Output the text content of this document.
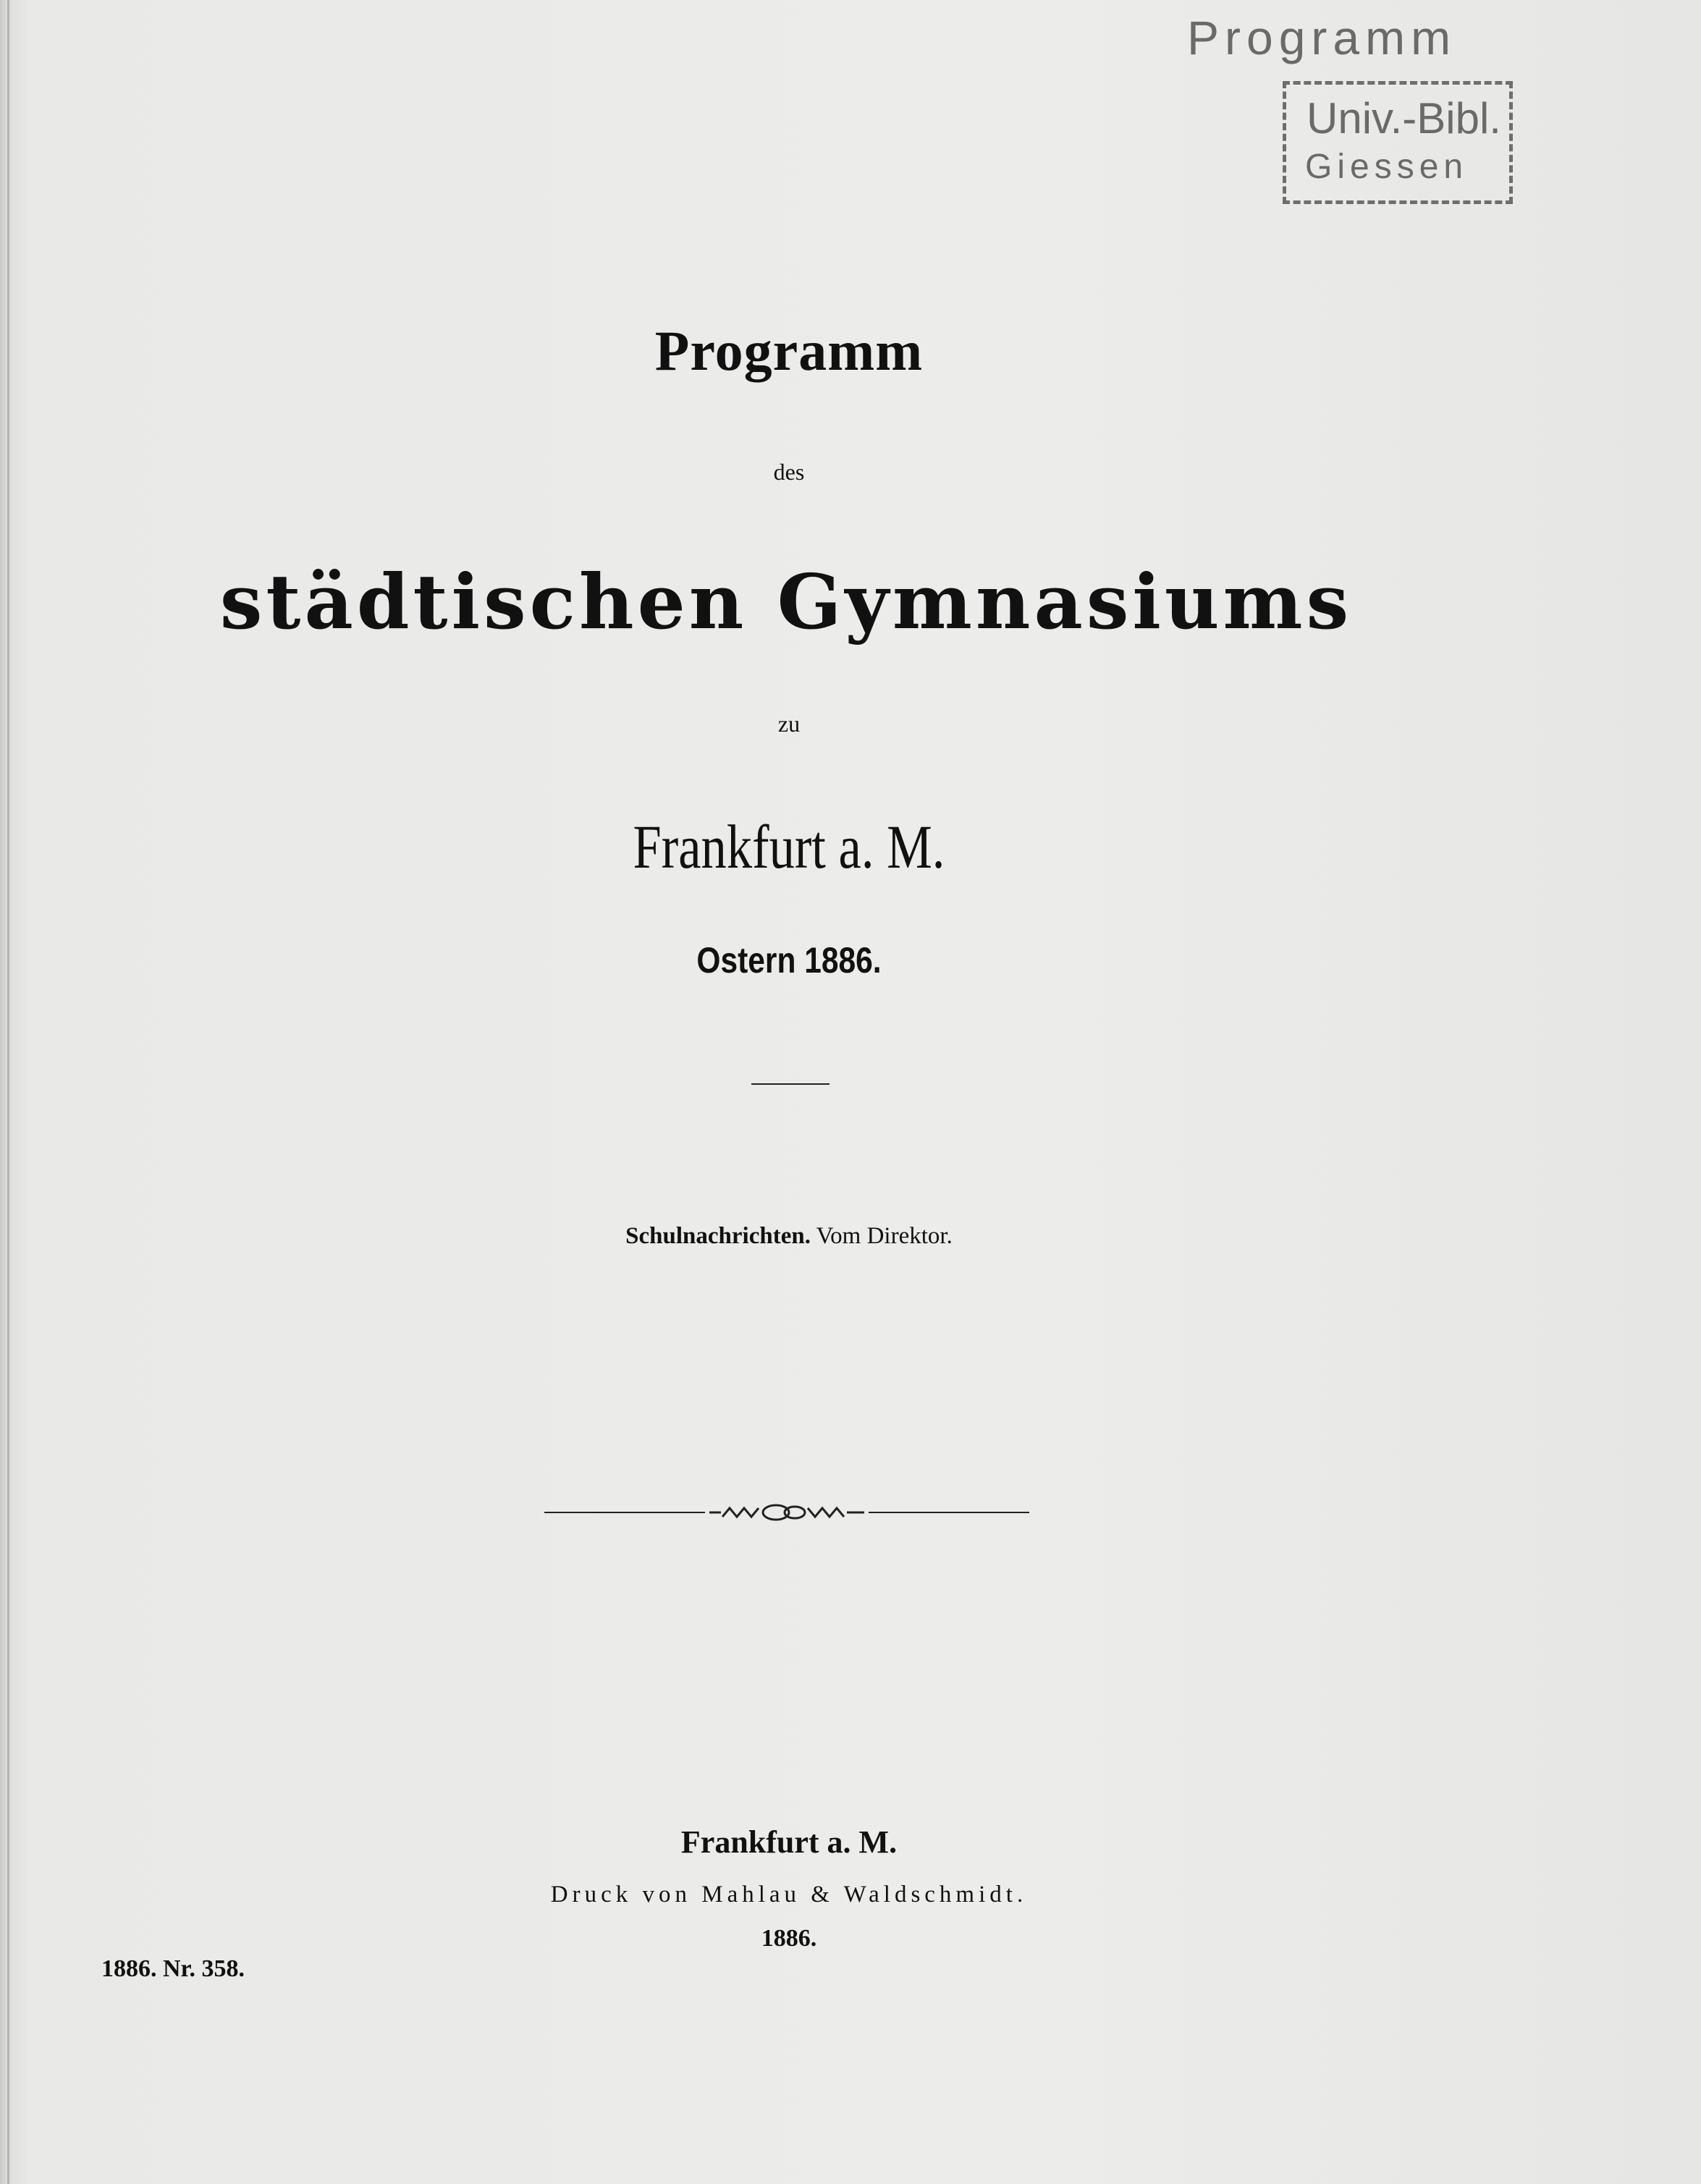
Programm
Univ.-Bibl.
Giessen
Programm
des
städtischen Gymnasiums
zu
Frankfurt a. M.
Ostern 1886.
Schulnachrichten. Vom Direktor.
Frankfurt a. M.
Druck von Mahlau & Waldschmidt.
1886.
1886. Nr. 358.
